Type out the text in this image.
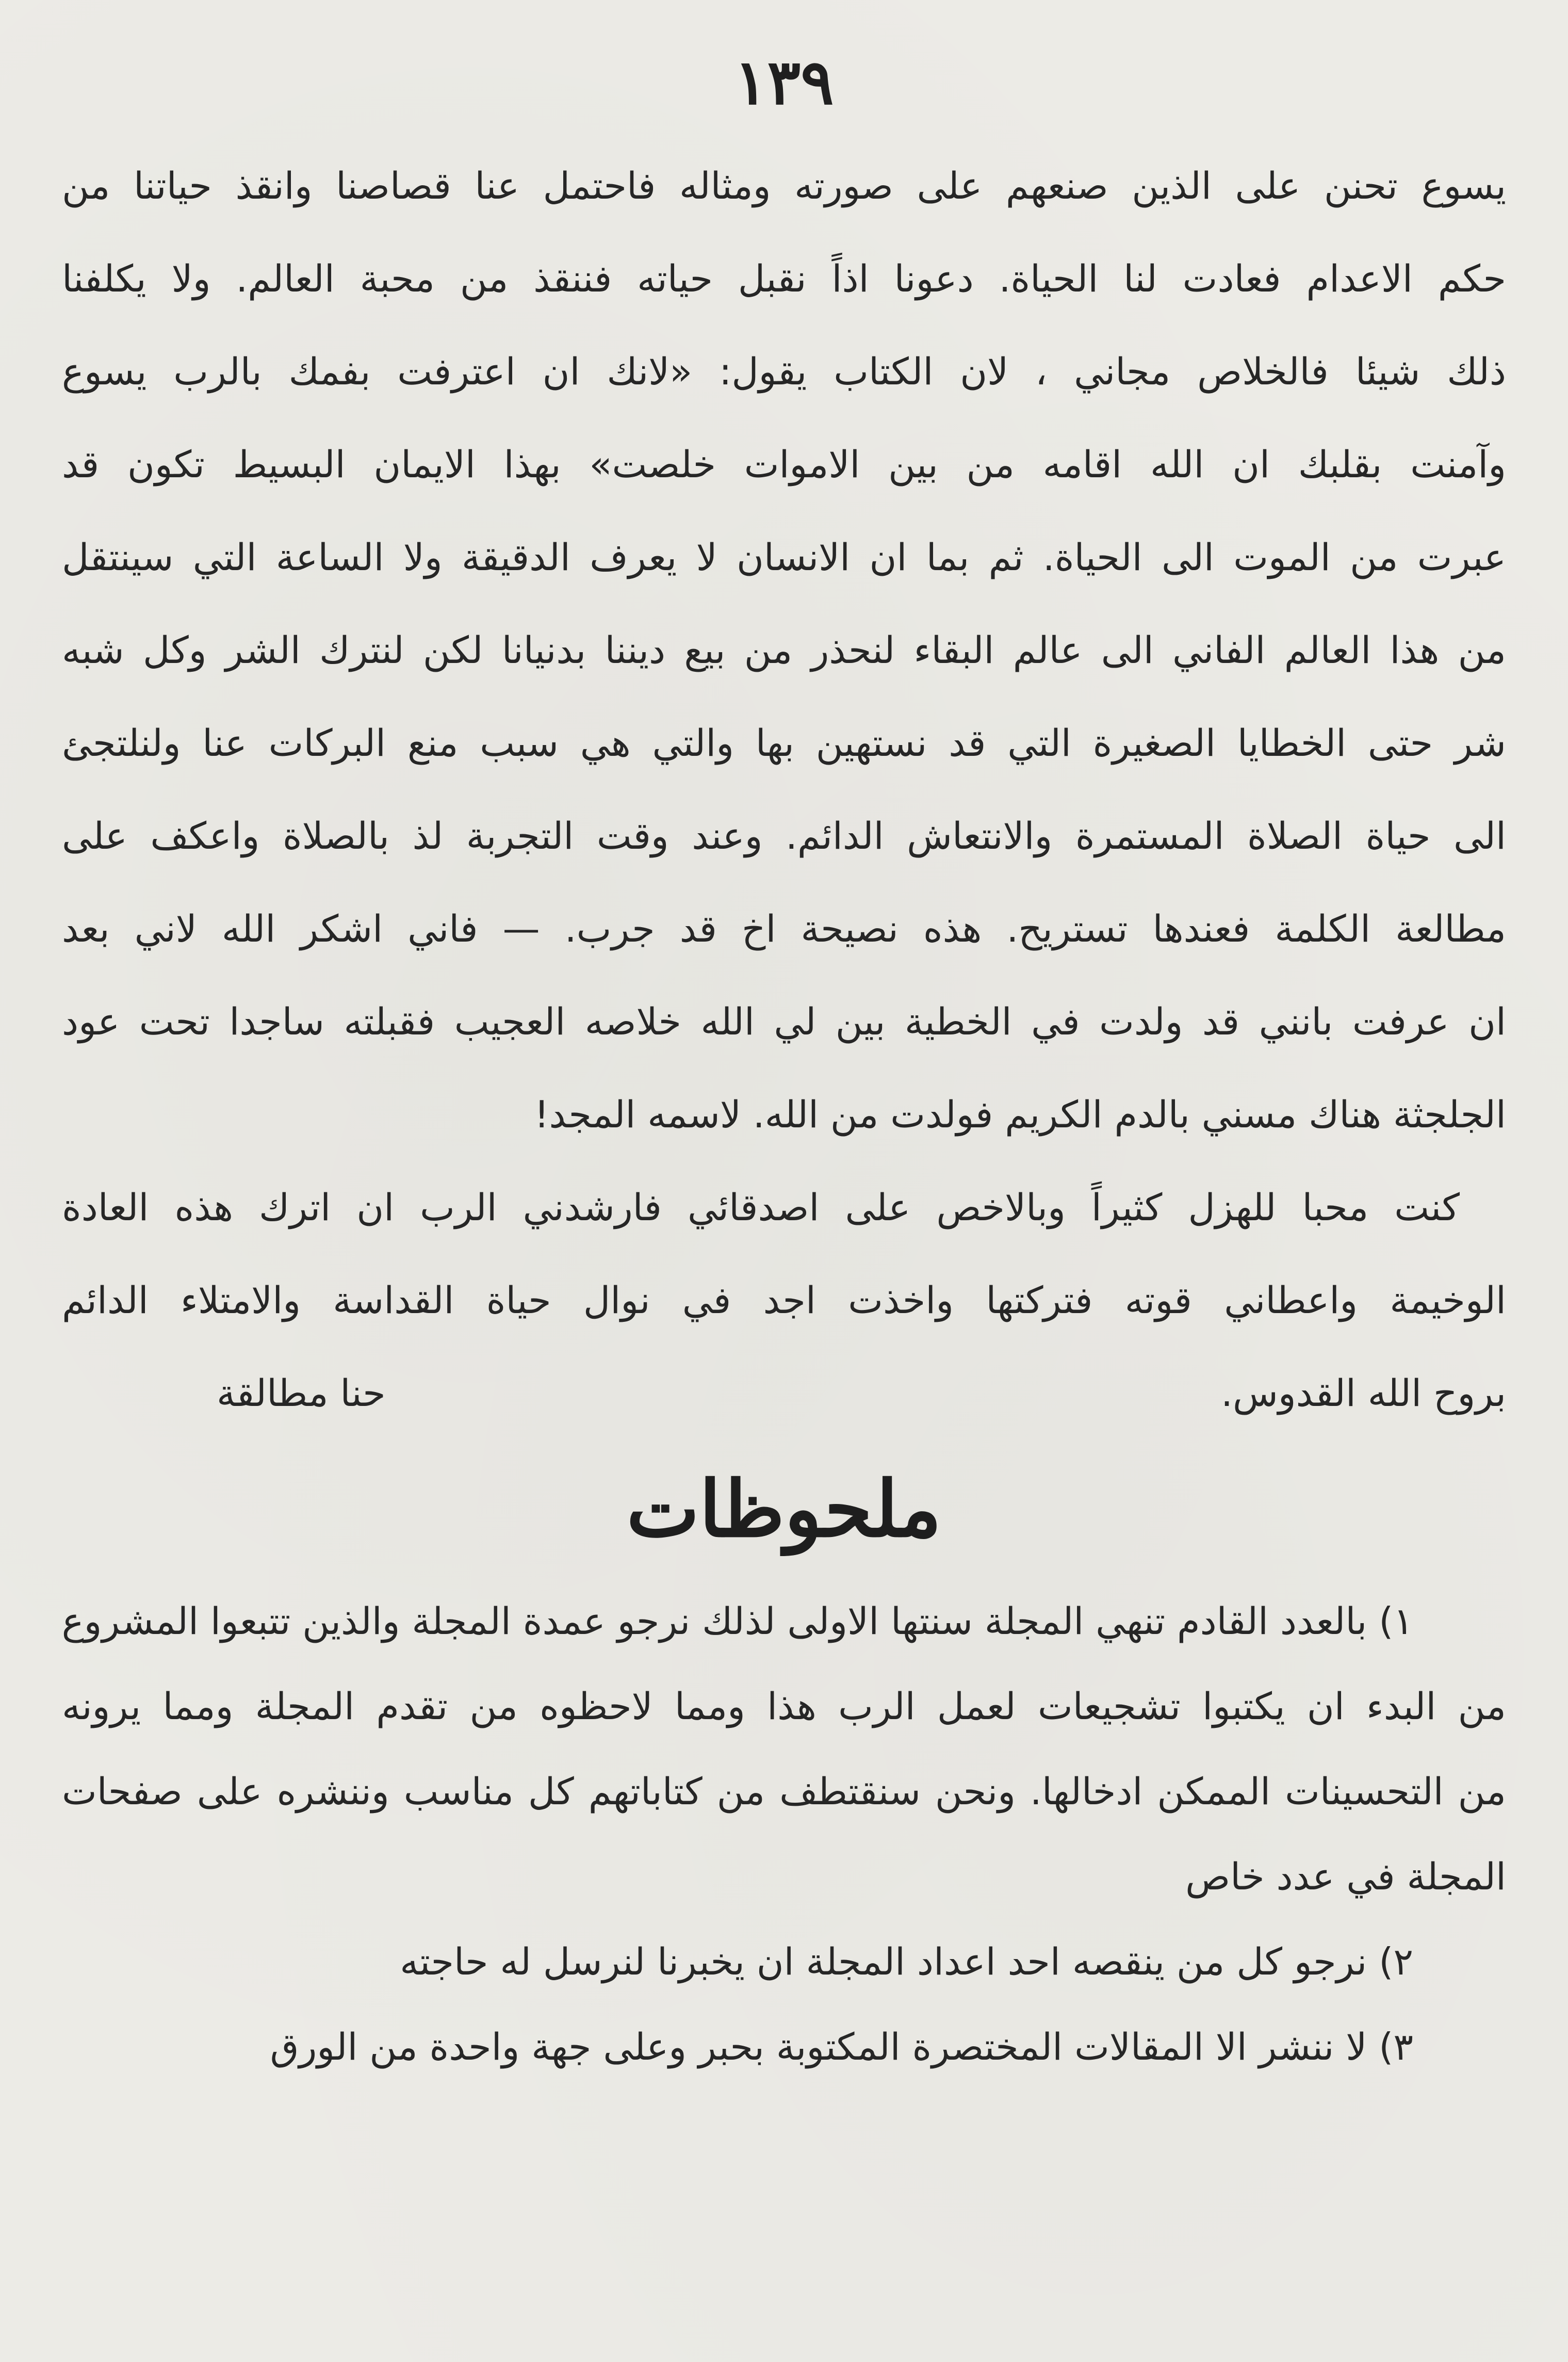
١٣٩
يسوع تحنن على الذين صنعهم على صورته ومثاله فاحتمل عنا قصاصنا وانقذ حياتنا من
حكم الاعدام فعادت لنا الحياة. دعونا اذاً نقبل حياته فننقذ من محبة العالم. ولا يكلفنا
ذلك شيئا فالخلاص مجاني ، لان الكتاب يقول: «لانك ان اعترفت بفمك بالرب يسوع
وآمنت بقلبك ان الله اقامه من بين الاموات خلصت» بهذا الايمان البسيط تكون قد
عبرت من الموت الى الحياة. ثم بما ان الانسان لا يعرف الدقيقة ولا الساعة التي سينتقل
من هذا العالم الفاني الى عالم البقاء لنحذر من بيع ديننا بدنيانا لكن لنترك الشر وكل شبه
شر حتى الخطايا الصغيرة التي قد نستهين بها والتي هي سبب منع البركات عنا ولنلتجئ
الى حياة الصلاة المستمرة والانتعاش الدائم. وعند وقت التجربة لذ بالصلاة واعكف على
مطالعة الكلمة فعندها تستريح. هذه نصيحة اخ قد جرب. — فاني اشكر الله لاني بعد
ان عرفت بانني قد ولدت في الخطية بين لي الله خلاصه العجيب فقبلته ساجدا تحت عود
الجلجثة هناك مسني بالدم الكريم فولدت من الله. لاسمه المجد!
كنت محبا للهزل كثيراً وبالاخص على اصدقائي فارشدني الرب ان اترك هذه العادة
الوخيمة واعطاني قوته فتركتها واخذت اجد في نوال حياة القداسة والامتلاء الدائم
بروح الله القدوس.
حنا مطالقة
ملحوظات
١) بالعدد القادم تنهي المجلة سنتها الاولى لذلك نرجو عمدة المجلة والذين تتبعوا المشروع
من البدء ان يكتبوا تشجيعات لعمل الرب هذا ومما لاحظوه من تقدم المجلة ومما يرونه
من التحسينات الممكن ادخالها. ونحن سنقتطف من كتاباتهم كل مناسب وننشره على صفحات
المجلة في عدد خاص
٢) نرجو كل من ينقصه احد اعداد المجلة ان يخبرنا لنرسل له حاجته
٣) لا ننشر الا المقالات المختصرة المكتوبة بحبر وعلى جهة واحدة من الورق
